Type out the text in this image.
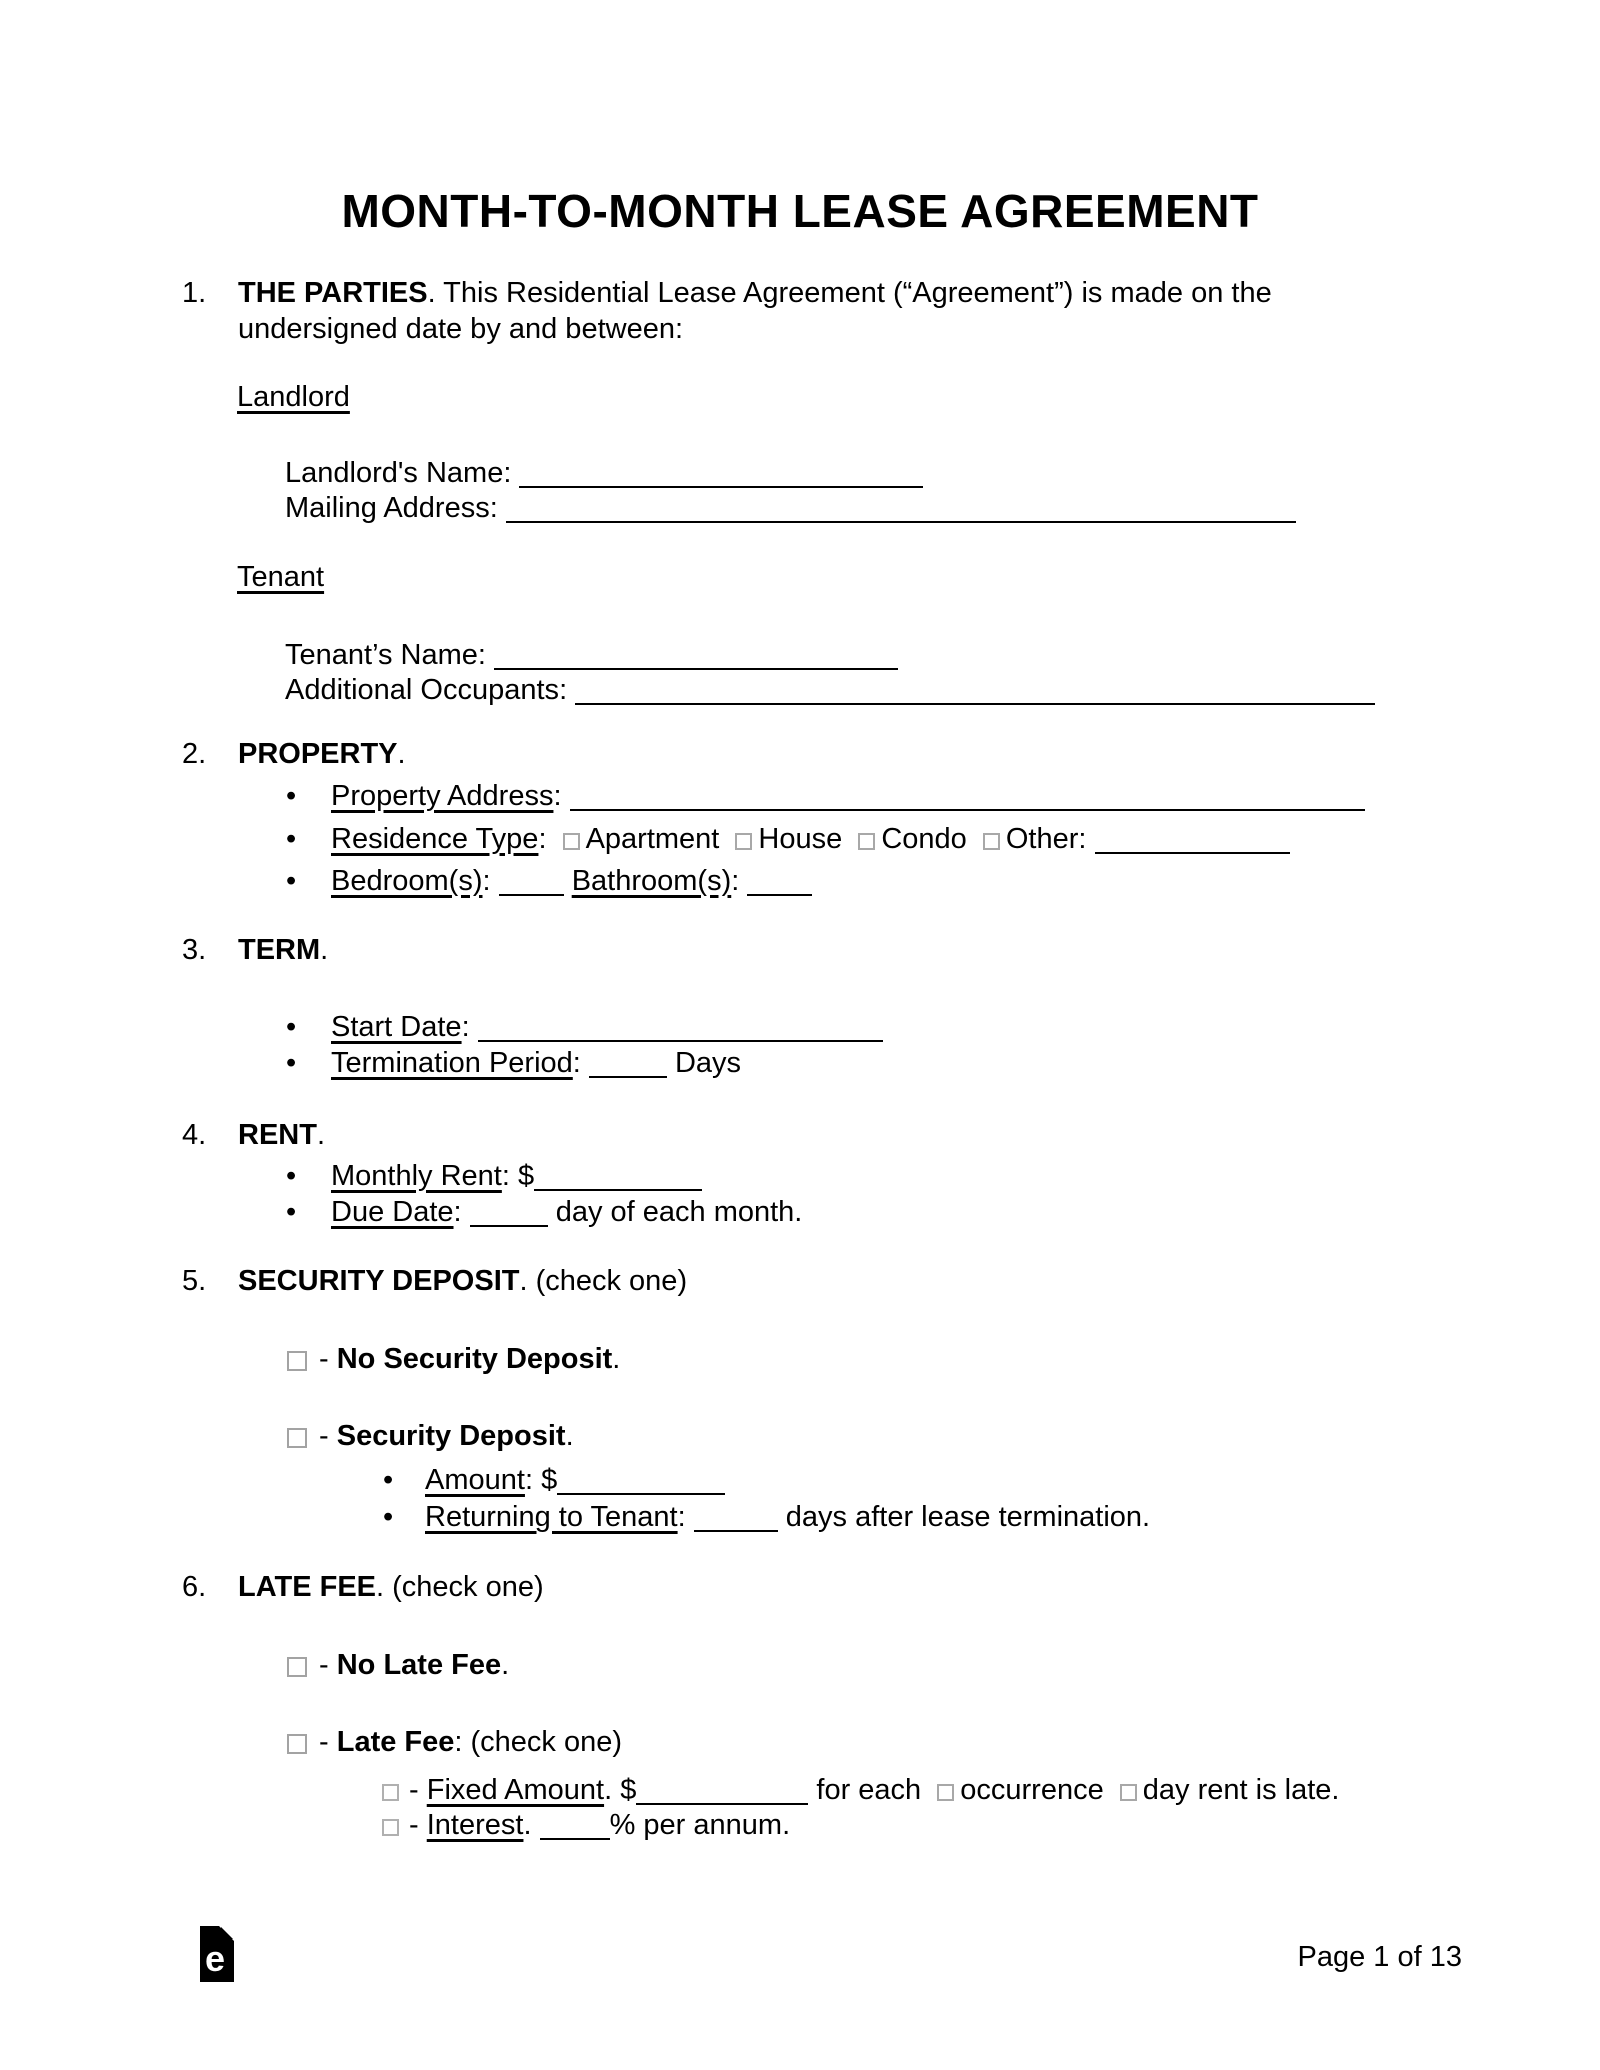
MONTH-TO-MONTH LEASE AGREEMENT
1.	THE PARTIES. This Residential Lease Agreement (“Agreement”) is made on the
undersigned date by and between:
Landlord
Landlord's Name:
Mailing Address:
Tenant
Tenant’s Name:
Additional Occupants:
2.	PROPERTY.
• Property Address:
• Residence Type: Apartment House Condo Other:
• Bedroom(s):	Bathroom(s):
3.	TERM.
• Start Date:
• Termination Period:	Days
4.	RENT.
• Monthly Rent: $
• Due Date:	day of each month.
5.	SECURITY DEPOSIT. (check one)
- No Security Deposit.
- Security Deposit.
• Amount: $
• Returning to Tenant:	days after lease termination.
6.	LATE FEE. (check one)
- No Late Fee.
- Late Fee: (check one)
- Fixed Amount. $	for each occurrence day rent is late.
- Interest.	% per annum.
e	Page 1 of 13
